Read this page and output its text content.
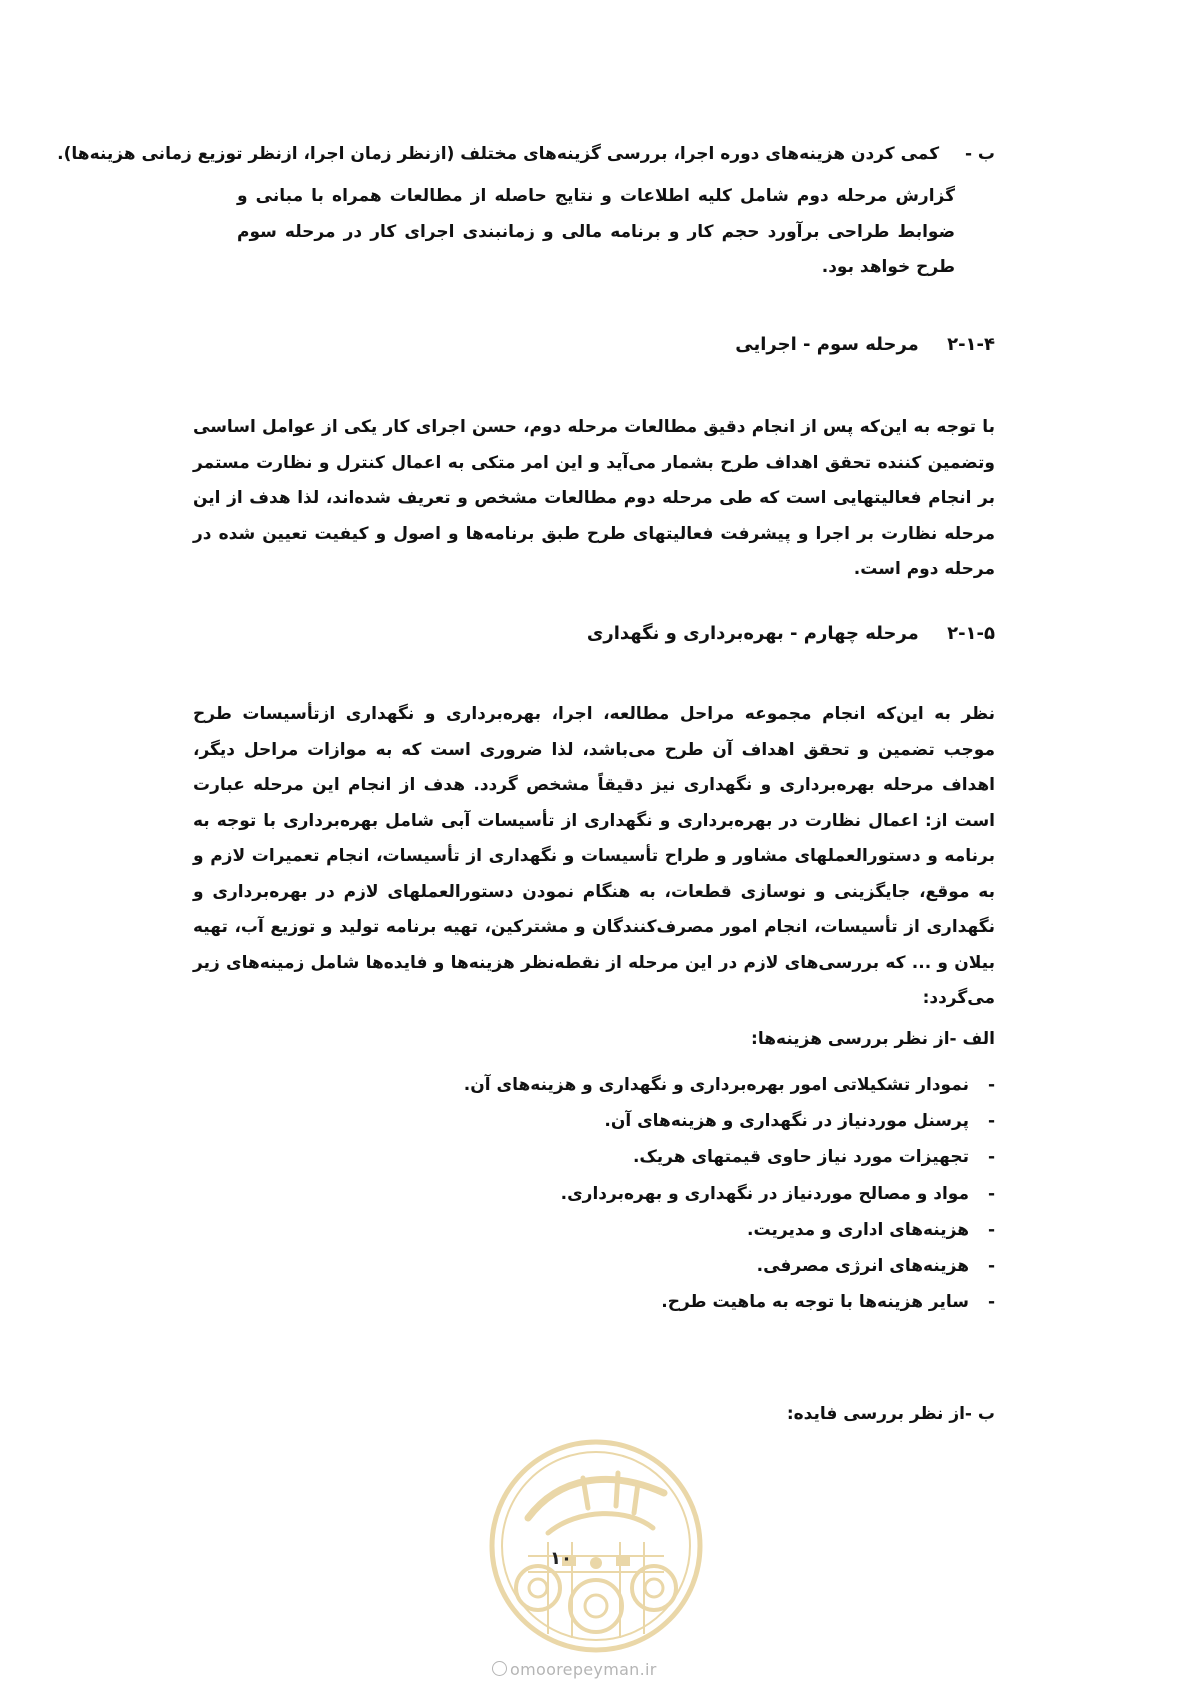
ب -  کمی کردن هزینه‌های دوره اجرا، بررسی گزینه‌های مختلف (ازنظر زمان اجرا، ازنظر توزیع زمانی هزینه‌ها).

گزارش مرحله دوم شامل کلیه اطلاعات و نتایج حاصله از مطالعات همراه با مبانی و ضوابط طراحی برآورد حجم کار و برنامه مالی و زمانبندی اجرای کار در مرحله سوم طرح خواهد بود.

۲-۱-۴ مرحله سوم - اجرایی

با توجه به این‌که پس از انجام دقیق مطالعات مرحله دوم، حسن اجرای کار یکی از عوامل اساسی وتضمین کننده تحقق اهداف طرح بشمار می‌آید و این امر متکی به اعمال کنترل و نظارت مستمر بر انجام فعالیتهایی است که طی مرحله دوم مطالعات مشخص و تعریف شده‌اند، لذا هدف از این مرحله نظارت بر اجرا و پیشرفت فعالیتهای طرح طبق برنامه‌ها و اصول و کیفیت تعیین شده در مرحله دوم است.

۲-۱-۵ مرحله چهارم - بهره‌برداری و نگهداری

نظر به این‌که انجام مجموعه مراحل مطالعه، اجرا، بهره‌برداری و نگهداری ازتأسیسات طرح موجب تضمین و تحقق اهداف آن طرح می‌باشد، لذا ضروری است که به موازات مراحل دیگر، اهداف مرحله بهره‌برداری و نگهداری نیز دقیقاً مشخص گردد. هدف از انجام این مرحله عبارت است از: اعمال نظارت در بهره‌برداری و نگهداری از تأسیسات آبی شامل بهره‌برداری با توجه به برنامه و دستورالعملهای مشاور و طراح تأسیسات و نگهداری از تأسیسات، انجام تعمیرات لازم و به موقع، جایگزینی و نوسازی قطعات، به هنگام نمودن دستورالعملهای لازم در بهره‌برداری و نگهداری از تأسیسات، انجام امور مصرف‌کنندگان و مشترکین، تهیه برنامه تولید و توزیع آب، تهیه بیلان و ... که بررسی‌های لازم در این مرحله از نقطه‌نظر هزینه‌ها و فایده‌ها شامل زمینه‌های زیر می‌گردد:

الف -از نظر بررسی هزینه‌ها:
-نمودار تشکیلاتی امور بهره‌برداری و نگهداری و هزینه‌های آن.
-پرسنل موردنیاز در نگهداری و هزینه‌های آن.
-تجهیزات مورد نیاز حاوی قیمتهای هریک.
-مواد و مصالح موردنیاز در نگهداری و بهره‌برداری.
-هزینه‌های اداری و مدیریت.
-هزینه‌های انرژی مصرفی.
-سایر هزینه‌ها با توجه به ماهیت طرح.
ب -از نظر بررسی فایده:
۱۰
omoorepeyman.ir
